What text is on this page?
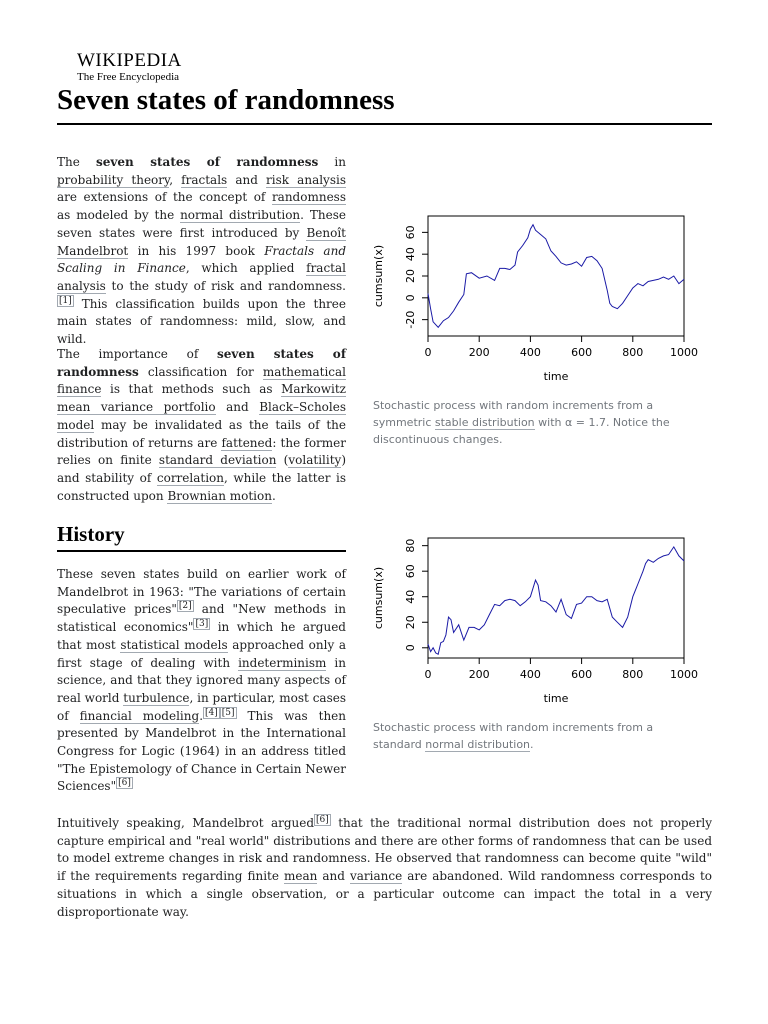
WIKIPEDIA
The Free Encyclopedia
Seven states of randomness

The seven states of randomness in probability theory, fractals and risk analysis are extensions of the concept of randomness as modeled by the normal distribution. These seven states were first introduced by Benoît Mandelbrot in his 1997 book Fractals and Scaling in Finance, which applied fractal analysis to the study of risk and randomness.[1] This classification builds upon the three main states of randomness: mild, slow, and wild.

The importance of seven states of randomness classification for mathematical finance is that methods such as Markowitz mean variance portfolio and Black–Scholes model may be invalidated as the tails of the distribution of returns are fattened: the former relies on finite standard deviation (volatility) and stability of correlation, while the latter is constructed upon Brownian motion.

History

These seven states build on earlier work of Mandelbrot in 1963: "The variations of certain speculative prices" [2] and "New methods in statistical economics" [3] in which he argued that most statistical models approached only a first stage of dealing with indeterminism in science, and that they ignored many aspects of real world turbulence, in particular, most cases of financial modeling. [4] [5] This was then presented by Mandelbrot in the International Congress for Logic (1964) in an address titled "The Epistemology of Chance in Certain Newer Sciences" [6]

Intuitively speaking, Mandelbrot argued [6] that the traditional normal distribution does not properly capture empirical and "real world" distributions and there are other forms of randomness that can be used to model extreme changes in risk and randomness. He observed that randomness can become quite "wild" if the requirements regarding finite mean and variance are abandoned. Wild randomness corresponds to situations in which a single observation, or a particular outcome can impact the total in a very disproportionate way.

0	200	400	600	800 1000
-20
0
20
40
60
time
cumsum(x)
Stochastic process with random increments from a symmetric stable distribution with α = 1.7. Notice the discontinuous changes.
0	200	400	600	800 1000
0
20
40
60
80
time
cumsum(x)
Stochastic process with random increments from a standard normal distribution.
